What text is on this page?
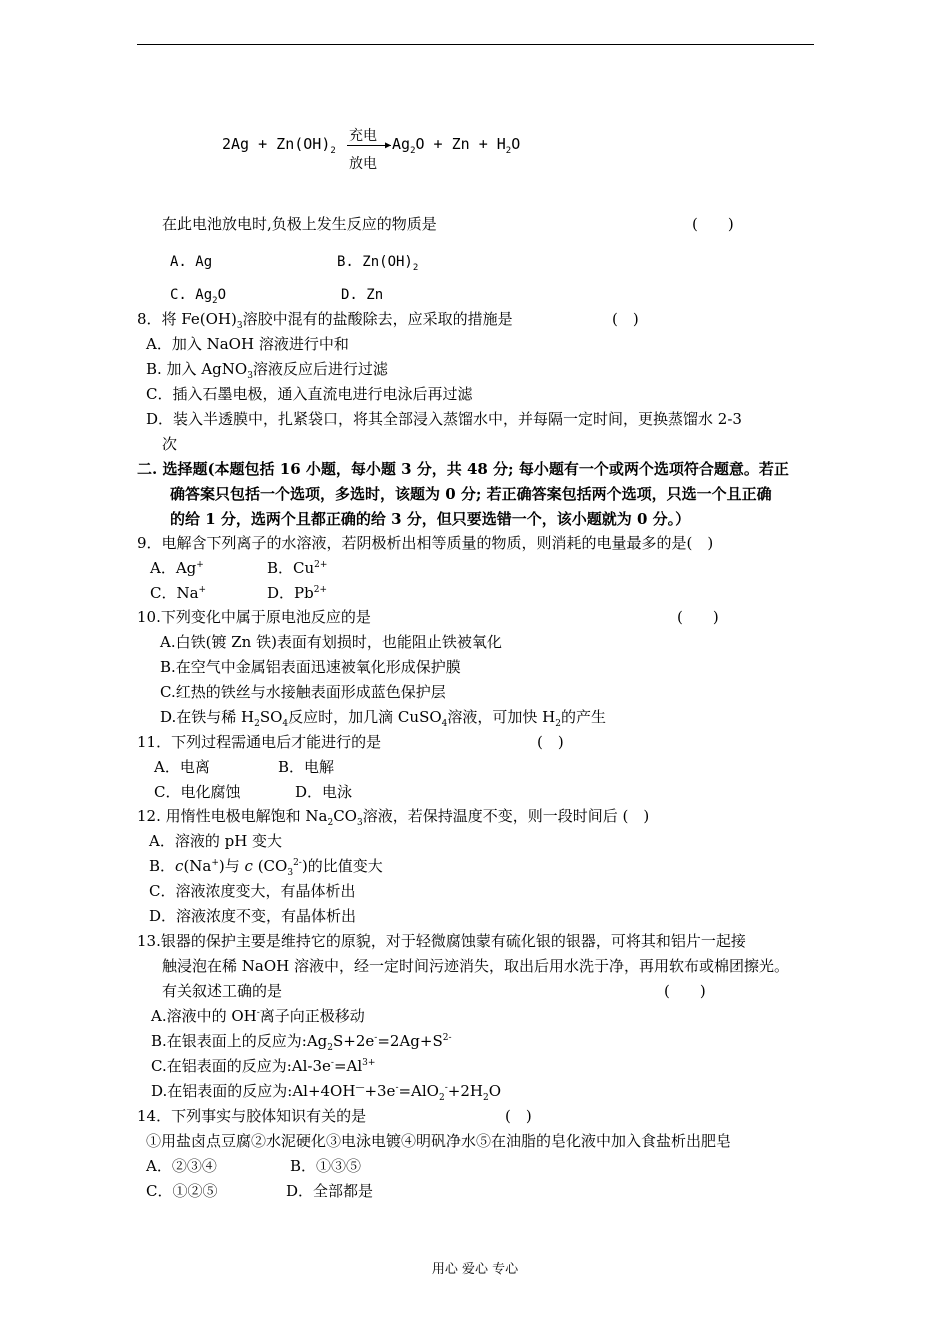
$2Ag + Zn(OH)_2$
充电
▶
放电
$Ag_2O + Zn + H_2O$
在此电池放电时,负极上发生反应的物质是	(　　)
A. Ag	B. $Zn(OH)_2$
C. $Ag_2O$	D. Zn
8．将 $Fe(OH)_3$溶胶中混有的盐酸除去，应采取的措施是	(　)
A．加入 NaOH 溶液进行中和
B. 加入 AgNO$_3$溶液反应后进行过滤
C．插入石墨电极，通入直流电进行电泳后再过滤
D．装入半透膜中，扎紧袋口，将其全部浸入蒸馏水中，并每隔一定时间，更换蒸馏水 2-3
次
二. 选择题(本题包括 16 小题，每小题 3 分，共 48 分; 每小题有一个或两个选项符合题意。若正
确答案只包括一个选项，多选时，该题为 0 分; 若正确答案包括两个选项，只选一个且正确
的给 1 分，选两个且都正确的给 3 分，但只要选错一个，该小题就为 0 分。）
9．电解含下列离子的水溶液，若阴极析出相等质量的物质，则消耗的电量最多的是(　)
A．Ag+	B．$Cu^{2+}$
C．Na+	D．$Pb^{2+}$
10.下列变化中属于原电池反应的是	(　　)
A.白铁(镀 Zn 铁)表面有划损时，也能阻止铁被氧化
B.在空气中金属铝表面迅速被氧化形成保护膜
C.红热的铁丝与水接触表面形成蓝色保护层
D.在铁与稀 $H_2SO_4$反应时，加几滴 CuSO$_4$溶液，可加快 $H_2$的产生
11．下列过程需通电后才能进行的是	(　)
A．电离	B．电解
C．电化腐蚀	D．电泳
12. 用惰性电极电解饱和 $Na_2CO_3$溶液，若保持温度不变，则一段时间后 (　)
A．溶液的 pH 变大
B．c(Na+)与 c $(CO_3^{2-})$的比值变大
C．溶液浓度变大，有晶体析出
D．溶液浓度不变，有晶体析出
13.银器的保护主要是维持它的原貌，对于轻微腐蚀蒙有硫化银的银器，可将其和铝片一起接
触浸泡在稀 NaOH 溶液中，经一定时间污迹消失，取出后用水洗于净，再用软布或棉团擦光。
有关叙述工确的是	(　　)
A.溶液中的 OH-离子向正极移动
B.在银表面上的反应为$:Ag_2S+2e^-=2Ag+S^{2-}$
C.在铝表面的反应为$:Al-3e^-=Al^{3+}$
D.在铝表面的反应为$:Al+4OH^—+3e^-=AlO_2^-+2H_2O$
14．下列事实与胶体知识有关的是	(　)
①用盐卤点豆腐②水泥硬化③电泳电镀④明矾净水⑤在油脂的皂化液中加入食盐析出肥皂
A．②③④	B．①③⑤
C．①②⑤	D．全部都是
用心 爱心 专心
